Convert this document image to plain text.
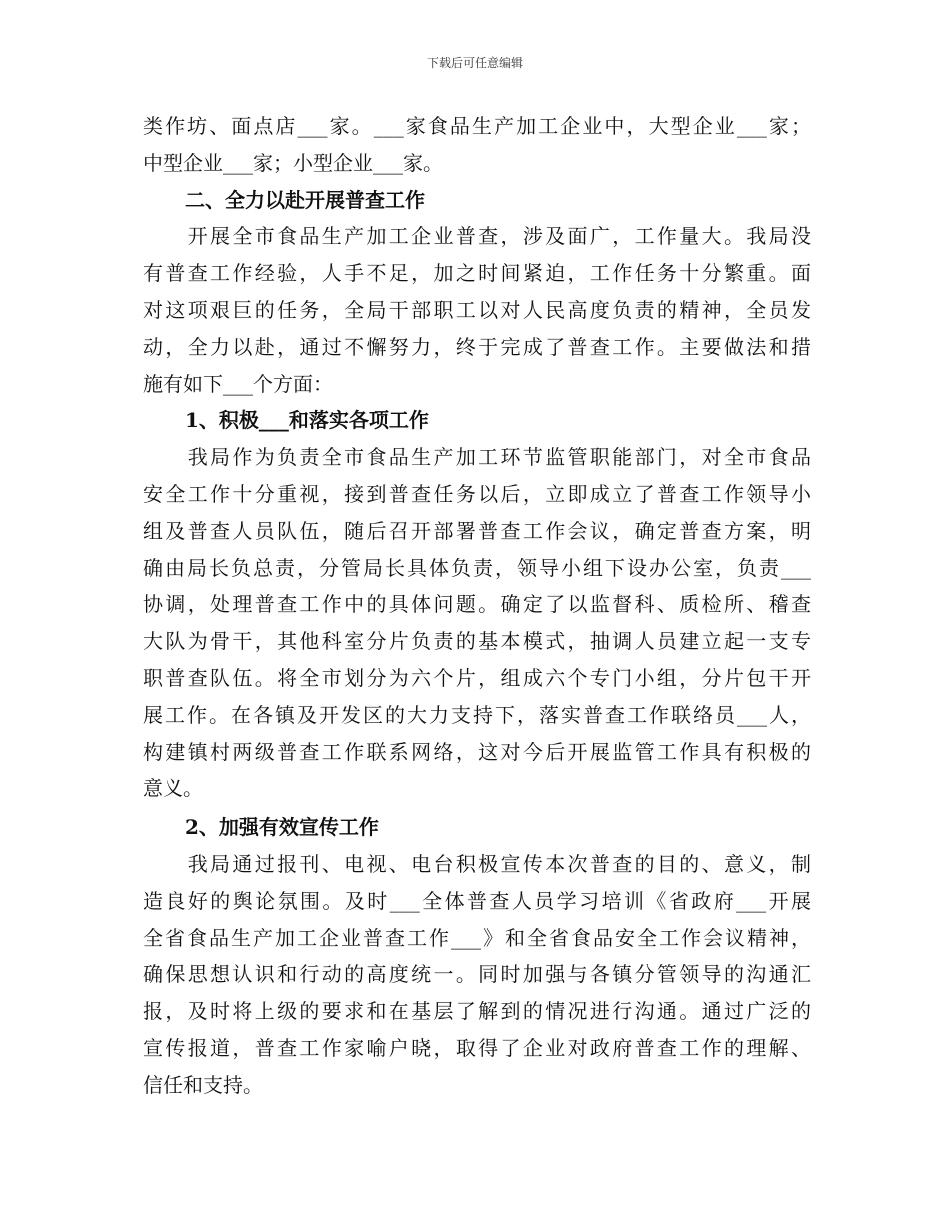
下载后可任意编辑
类作坊、面点店___家。___家食品生产加工企业中，大型企业___家；
中型企业___家；小型企业___家。
二、全力以赴开展普查工作
　　开展全市食品生产加工企业普查，涉及面广，工作量大。我局没
有普查工作经验，人手不足，加之时间紧迫，工作任务十分繁重。面
对这项艰巨的任务，全局干部职工以对人民高度负责的精神，全员发
动，全力以赴，通过不懈努力，终于完成了普查工作。主要做法和措
施有如下___个方面：
1、积极___和落实各项工作
　　我局作为负责全市食品生产加工环节监管职能部门，对全市食品
安全工作十分重视，接到普查任务以后，立即成立了普查工作领导小
组及普查人员队伍，随后召开部署普查工作会议，确定普查方案，明
确由局长负总责，分管局长具体负责，领导小组下设办公室，负责___
协调，处理普查工作中的具体问题。确定了以监督科、质检所、稽查
大队为骨干，其他科室分片负责的基本模式，抽调人员建立起一支专
职普查队伍。将全市划分为六个片，组成六个专门小组，分片包干开
展工作。在各镇及开发区的大力支持下，落实普查工作联络员___人，
构建镇村两级普查工作联系网络，这对今后开展监管工作具有积极的
意义。
2、加强有效宣传工作
　　我局通过报刊、电视、电台积极宣传本次普查的目的、意义，制
造良好的舆论氛围。及时___全体普查人员学习培训《省政府___开展
全省食品生产加工企业普查工作___》和全省食品安全工作会议精神，
确保思想认识和行动的高度统一。同时加强与各镇分管领导的沟通汇
报，及时将上级的要求和在基层了解到的情况进行沟通。通过广泛的
宣传报道，普查工作家喻户晓，取得了企业对政府普查工作的理解、
信任和支持。
